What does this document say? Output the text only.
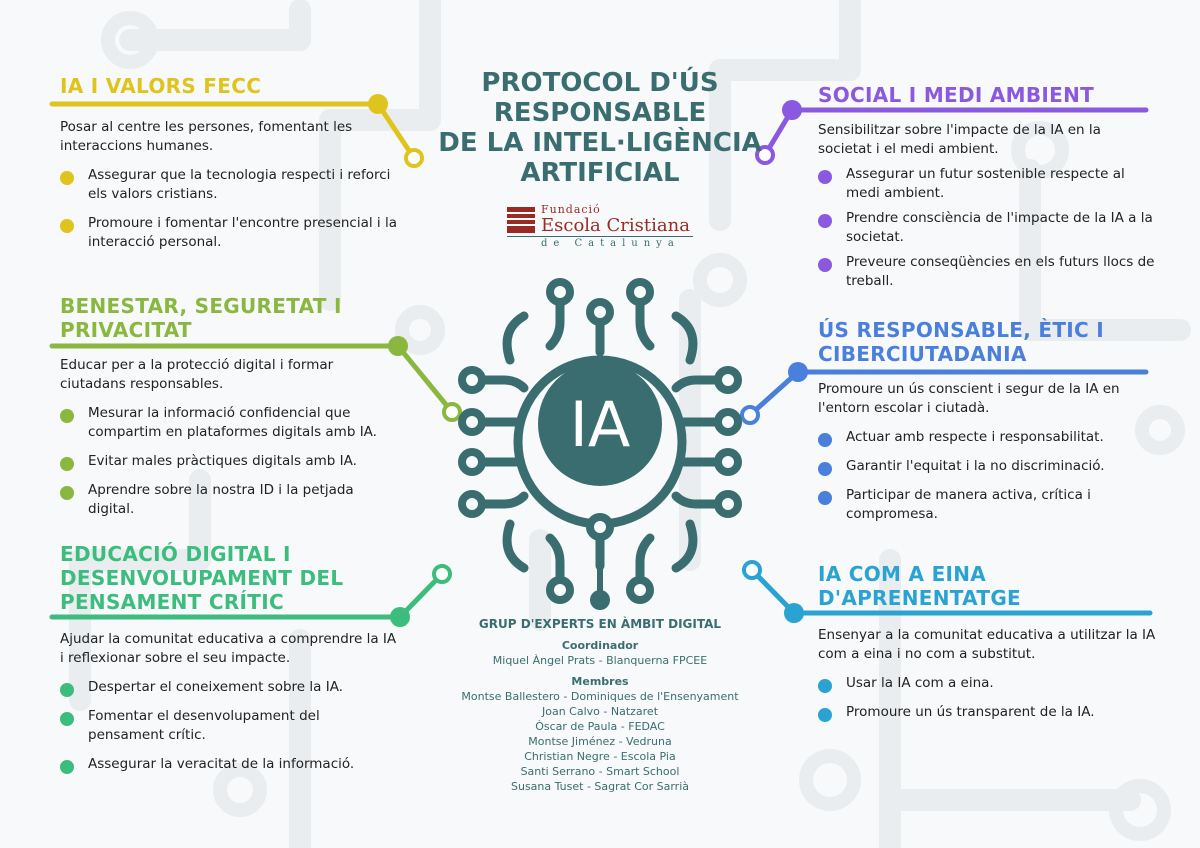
PROTOCOL D'ÚS
RESPONSABLE
DE LA INTEL·LIGÈNCIA
ARTIFICIAL
Fundació
Escola Cristiana
de Catalunya
IA
IA I VALORS FECC
Posar al centre les persones, fomentant les interaccions humanes.
Assegurar que la tecnologia respecti i reforci els valors cristians.
Promoure i fomentar l'encontre presencial i la interacció personal.
BENESTAR, SEGURETAT I
PRIVACITAT
Educar per a la protecció digital i formar ciutadans responsables.
Mesurar la informació confidencial que compartim en plataformes digitals amb IA.
Evitar males pràctiques digitals amb IA.
Aprendre sobre la nostra ID i la petjada digital.
EDUCACIÓ DIGITAL I
DESENVOLUPAMENT DEL
PENSAMENT CRÍTIC
Ajudar la comunitat educativa a comprendre la IA i reflexionar sobre el seu impacte.
Despertar el coneixement sobre la IA.
Fomentar el desenvolupament del pensament crític.
Assegurar la veracitat de la informació.
SOCIAL I MEDI AMBIENT
Sensibilitzar sobre l'impacte de la IA en la societat i el medi ambient.
Assegurar un futur sostenible respecte al medi ambient.
Prendre consciència de l'impacte de la IA a la societat.
Preveure conseqüències en els futurs llocs de treball.
ÚS RESPONSABLE, ÈTIC I
CIBERCIUTADANIA
Promoure un ús conscient i segur de la IA en l'entorn escolar i ciutadà.
Actuar amb respecte i responsabilitat.
Garantir l'equitat i la no discriminació.
Participar de manera activa, crítica i compromesa.
IA COM A EINA
D'APRENENTATGE
Ensenyar a la comunitat educativa a utilitzar la IA com a eina i no com a substitut.
Usar la IA com a eina.
Promoure un ús transparent de la IA.
GRUP D'EXPERTS EN ÀMBIT DIGITAL
Coordinador
Miquel Àngel Prats - Blanquerna FPCEE
Membres
Montse Ballestero - Dominiques de l'Ensenyament
Joan Calvo - Natzaret
Òscar de Paula - FEDAC
Montse Jiménez - Vedruna
Christian Negre - Escola Pia
Santi Serrano - Smart School
Susana Tuset - Sagrat Cor Sarrià
